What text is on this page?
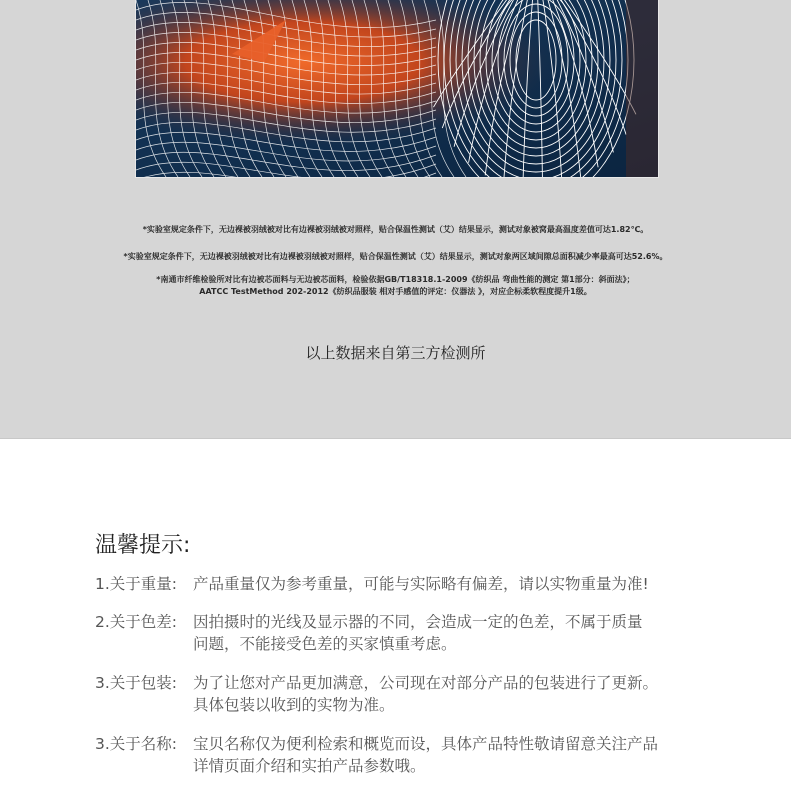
*实验室规定条件下，无边裸被羽绒被对比有边裸被羽绒被对照样，贴合保温性测试（艾）结果显示，测试对象被窝最高温度差值可达1.82℃。
*实验室规定条件下，无边裸被羽绒被对比有边裸被羽绒被对照样，贴合保温性测试（艾）结果显示，测试对象两区域间隙总面积减少率最高可达52.6%。
*南通市纤维检验所对比有边被芯面料与无边被芯面料，检验依据GB/T18318.1-2009《纺织品 弯曲性能的测定 第1部分：斜面法》；
AATCC TestMethod 202-2012《纺织品服装 相对手感值的评定：仪器法 》，对应企标柔软程度提升1级。
以上数据来自第三方检测所
温馨提示:
1.关于重量: 产品重量仅为参考重量，可能与实际略有偏差，请以实物重量为准!
2.关于色差: 因拍摄时的光线及显示器的不同，会造成一定的色差，不属于质量
问题，不能接受色差的买家慎重考虑。
3.关于包装: 为了让您对产品更加满意，公司现在对部分产品的包装进行了更新。
具体包装以收到的实物为准。
3.关于名称: 宝贝名称仅为便利检索和概览而设，具体产品特性敬请留意关注产品
详情页面介绍和实拍产品参数哦。
